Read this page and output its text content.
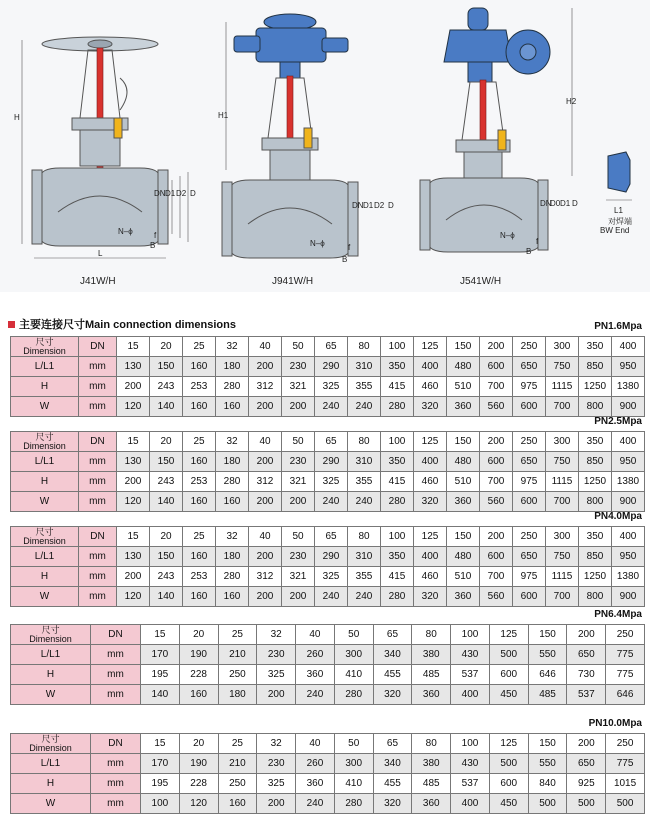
H
L
DN D1 D2 D
N–ϕ	f
B
H1
DN D1 D2 D
N–ϕ	f
B
H2
DN
D0 D1 D
N–ϕ
f
B
J41W/H	J941W/H	J541W/H
L1
对焊端
BW End
主要连接尺寸Main connection dimensions	PN1.6Mpa
尺寸
Dimension	DN	15	20	25	32	40	50	65	80	100	125	150	200	250	300	350	400
L/L1	mm	130	150	160	180	200	230	290	310	350	400	480	600	650	750	850	950
H	mm	200	243	253	280	312	321	325	355	415	460	510	700	975	1115	1250	1380
W	mm	120	140	160	160	200	200	240	240	280	320	360	560	600	700	800	900
PN2.5Mpa
尺寸
Dimension	DN	15	20	25	32	40	50	65	80	100	125	150	200	250	300	350	400
L/L1	mm	130	150	160	180	200	230	290	310	350	400	480	600	650	750	850	950
H	mm	200	243	253	280	312	321	325	355	415	460	510	700	975	1115	1250	1380
W	mm	120	140	160	160	200	200	240	240	280	320	360	560	600	700	800	900
PN4.0Mpa
尺寸
Dimension	DN	15	20	25	32	40	50	65	80	100	125	150	200	250	300	350	400
L/L1	mm	130	150	160	180	200	230	290	310	350	400	480	600	650	750	850	950
H	mm	200	243	253	280	312	321	325	355	415	460	510	700	975	1115	1250	1380
W	mm	120	140	160	160	200	200	240	240	280	320	360	560	600	700	800	900
PN6.4Mpa
尺寸
Dimension	DN	15	20	25	32	40	50	65	80	100	125	150	200	250
L/L1	mm	170	190	210	230	260	300	340	380	430	500	550	650	775
H	mm	195	228	250	325	360	410	455	485	537	600	646	730	775
W	mm	140	160	180	200	240	280	320	360	400	450	485	537	646
PN10.0Mpa
尺寸
Dimension	DN	15	20	25	32	40	50	65	80	100	125	150	200	250
L/L1	mm	170	190	210	230	260	300	340	380	430	500	550	650	775
H	mm	195	228	250	325	360	410	455	485	537	600	840	925	1015
W	mm	100	120	160	200	240	280	320	360	400	450	500	500	500
